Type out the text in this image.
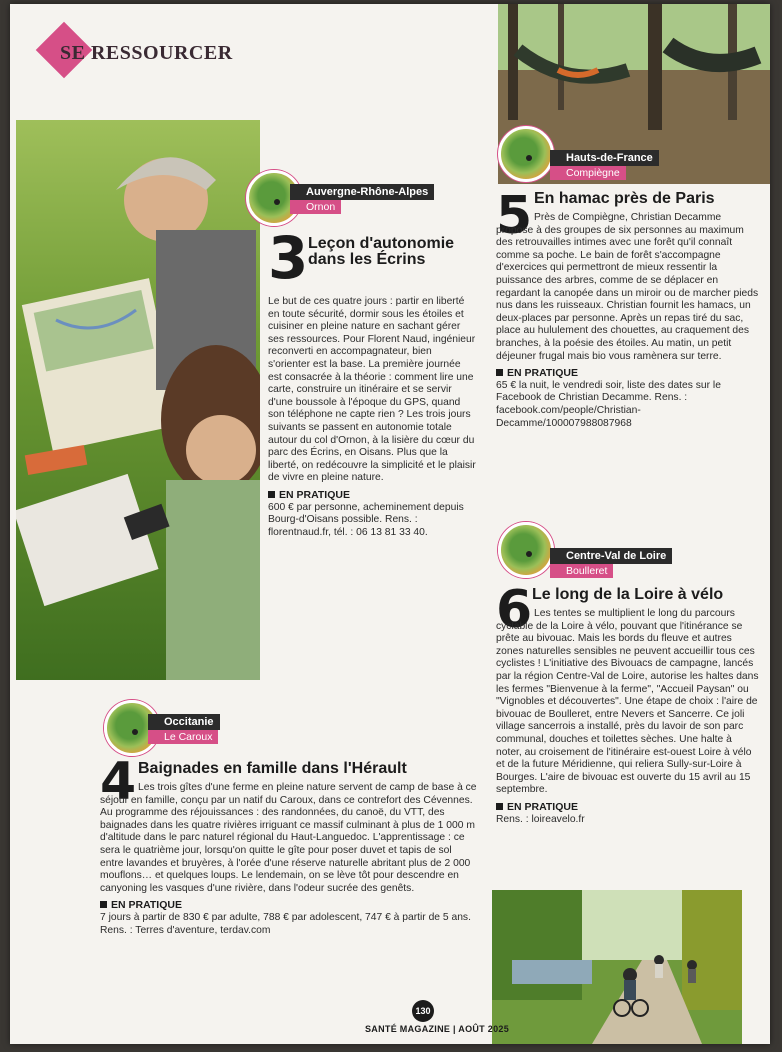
SE RESSOURCER
Auvergne-Rhône-Alpes
Ornon
3 Leçon d'autonomie dans les Écrins

Le but de ces quatre jours : partir en liberté en toute sécurité, dormir sous les étoiles et cuisiner en pleine nature en sachant gérer ses ressources. Pour Florent Naud, ingénieur reconverti en accompagnateur, bien s'orienter est la base. La première journée est consacrée à la théorie : comment lire une carte, construire un itinéraire et se servir d'une boussole à l'époque du GPS, quand son téléphone ne capte rien ? Les trois jours suivants se passent en autonomie totale autour du col d'Ornon, à la lisière du cœur du parc des Écrins, en Oisans. Plus que la liberté, on redécouvre la simplicité et le plaisir de vivre en pleine nature.

EN PRATIQUE

600 € par personne, acheminement depuis Bourg-d'Oisans possible. Rens. : florentnaud.fr, tél. : 06 13 81 33 40.

Occitanie
Le Caroux
4 Baignades en famille dans l'Hérault

Les trois gîtes d'une ferme en pleine nature servent de camp de base à ce séjour en famille, conçu par un natif du Caroux, dans ce contrefort des Cévennes. Au programme des réjouissances : des randonnées, du canoë, du VTT, des baignades dans les quatre rivières irriguant ce massif culminant à plus de 1 000 m d'altitude dans le parc naturel régional du Haut-Languedoc. L'apprentissage : ce sera le quatrième jour, lorsqu'on quitte le gîte pour poser duvet et tapis de sol entre lavandes et bruyères, à l'orée d'une réserve naturelle abritant plus de 2 000 mouflons… et quelques loups. Le lendemain, on se lève tôt pour descendre en canyoning les vasques d'une rivière, dans l'odeur sucrée des genêts.

EN PRATIQUE

7 jours à partir de 830 € par adulte, 788 € par adolescent, 747 € à partir de 5 ans. Rens. : Terres d'aventure, terdav.com

Hauts-de-France
Compiègne
5 En hamac près de Paris

Près de Compiègne, Christian Decamme propose à des groupes de six personnes au maximum des retrouvailles intimes avec une forêt qu'il connaît comme sa poche. Le bain de forêt s'accompagne d'exercices qui permettront de mieux ressentir la puissance des arbres, comme de se déplacer en regardant la canopée dans un miroir ou de marcher pieds nus dans les ruisseaux. Christian fournit les hamacs, un deux-places par personne. Après un repas tiré du sac, place au hululement des chouettes, au craquement des branches, à la poésie des étoiles. Au matin, un petit déjeuner frugal mais bio vous ramènera sur terre.

EN PRATIQUE

65 € la nuit, le vendredi soir, liste des dates sur le Facebook de Christian Decamme. Rens. : facebook.com/people/Christian-Decamme/100007988087968

Centre-Val de Loire
Boulleret
6 Le long de la Loire à vélo

Les tentes se multiplient le long du parcours cyclable de la Loire à vélo, pouvant que l'itinérance se prête au bivouac. Mais les bords du fleuve et autres zones naturelles sensibles ne peuvent accueillir tous ces cyclistes ! L'initiative des Bivouacs de campagne, lancés par la région Centre-Val de Loire, autorise les haltes dans les fermes "Bienvenue à la ferme", "Accueil Paysan" ou "Vignobles et découvertes". Une étape de choix : l'aire de bivouac de Boulleret, entre Nevers et Sancerre. Ce joli village sancerrois a installé, près du lavoir de son parc communal, douches et toilettes sèches. Une halte à noter, au croisement de l'itinéraire est-ouest Loire à vélo et de la future Méridienne, qui reliera Sully-sur-Loire à Bourges. L'aire de bivouac est ouverte du 15 avril au 15 septembre.

EN PRATIQUE

Rens. : loireavelo.fr

130
SANTÉ MAGAZINE | AOÛT 2025
